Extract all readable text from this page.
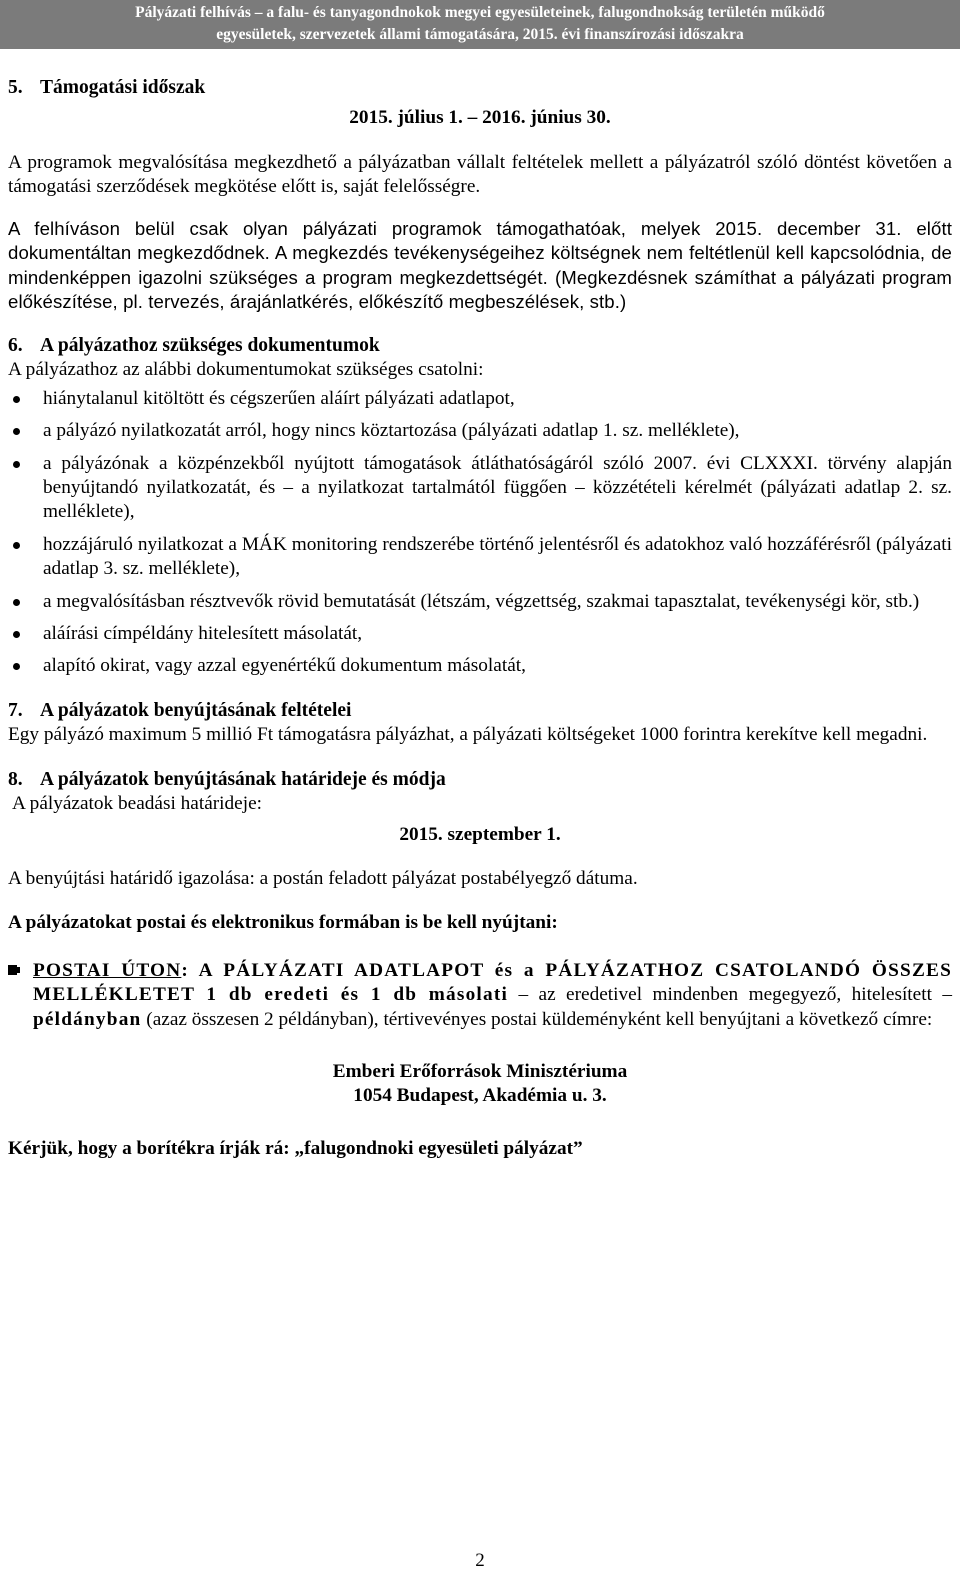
Pályázati felhívás – a falu- és tanyagondnokok megyei egyesületeinek, falugondnokság területén működő
egyesületek, szervezetek állami támogatására, 2015. évi finanszírozási időszakra
5. Támogatási időszak

2015. július 1. – 2016. június 30.

A programok megvalósítása megkezdhető a pályázatban vállalt feltételek mellett a pályázatról szóló döntést követően a támogatási szerződések megkötése előtt is, saját felelősségre.

A felhíváson belül csak olyan pályázati programok támogathatóak, melyek 2015. december 31. előtt dokumentáltan megkezdődnek. A megkezdés tevékenységeihez költségnek nem feltétlenül kell kapcsolódnia, de mindenképpen igazolni szükséges a program megkezdettségét. (Megkezdésnek számíthat a pályázati program előkészítése, pl. tervezés, árajánlatkérés, előkészítő megbeszélések, stb.)

6. A pályázathoz szükséges dokumentumok

A pályázathoz az alábbi dokumentumokat szükséges csatolni:

hiánytalanul kitöltött és cégszerűen aláírt pályázati adatlapot,
a pályázó nyilatkozatát arról, hogy nincs köztartozása (pályázati adatlap 1. sz. melléklete),
a pályázónak a közpénzekből nyújtott támogatások átláthatóságáról szóló 2007. évi CLXXXI. törvény alapján benyújtandó nyilatkozatát, és – a nyilatkozat tartalmától függően – közzétételi kérelmét (pályázati adatlap 2. sz. melléklete),
hozzájáruló nyilatkozat a MÁK monitoring rendszerébe történő jelentésről és adatokhoz való hozzáférésről (pályázati adatlap 3. sz. melléklete),
a megvalósításban résztvevők rövid bemutatását (létszám, végzettség, szakmai tapasztalat, tevékenységi kör, stb.)
aláírási címpéldány hitelesített másolatát,
alapító okirat, vagy azzal egyenértékű dokumentum másolatát,
7. A pályázatok benyújtásának feltételei

Egy pályázó maximum 5 millió Ft támogatásra pályázhat, a pályázati költségeket 1000 forintra kerekítve kell megadni.

8. A pályázatok benyújtásának határideje és módja

A pályázatok beadási határideje:

2015. szeptember 1.

A benyújtási határidő igazolása: a postán feladott pályázat postabélyegző dátuma.

A pályázatokat postai és elektronikus formában is be kell nyújtani:

POSTAI ÚTON: A PÁLYÁZATI ADATLAPOT és a PÁLYÁZATHOZ CSATOLANDÓ ÖSSZES MELLÉKLETET 1 db eredeti és 1 db másolati – az eredetivel mindenben megegyező, hitelesített – példányban (azaz összesen 2 példányban), tértivevényes postai küldeményként kell benyújtani a következő címre:

Emberi Erőforrások Minisztériuma

1054 Budapest, Akadémia u. 3.

Kérjük, hogy a borítékra írják rá: „falugondnoki egyesületi pályázat”

2
